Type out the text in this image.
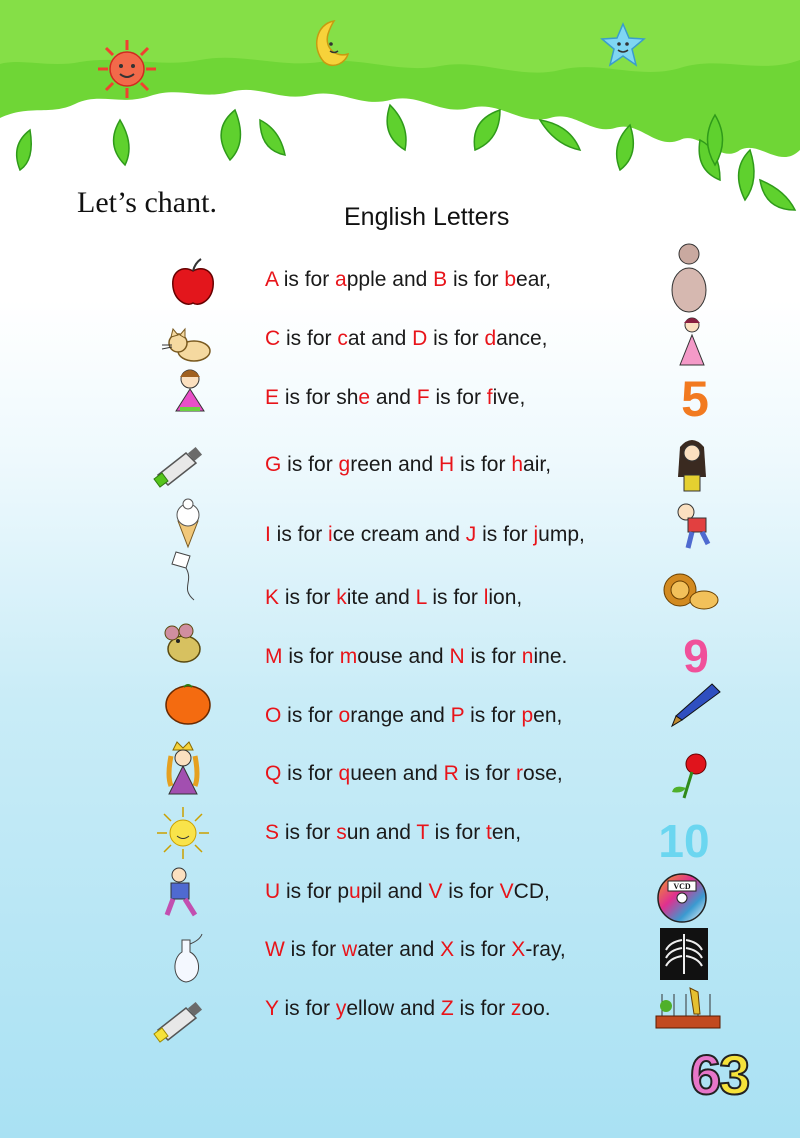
Let’s chant.	English Letters
A is for apple and B is for bear,
C is for cat and D is for dance,
E is for she and F is for five,
G is for green and H is for hair,
I is for ice cream and J is for jump,
K is for kite and L is for lion,
M is for mouse and N is for nine.
O is for orange and P is for pen,
Q is for queen and R is for rose,
S is for sun and T is for ten,
U is for pupil and V is for VCD,
W is for water and X is for X-ray,
Y is for yellow and Z is for zoo.
5
9
10
VCD
63
